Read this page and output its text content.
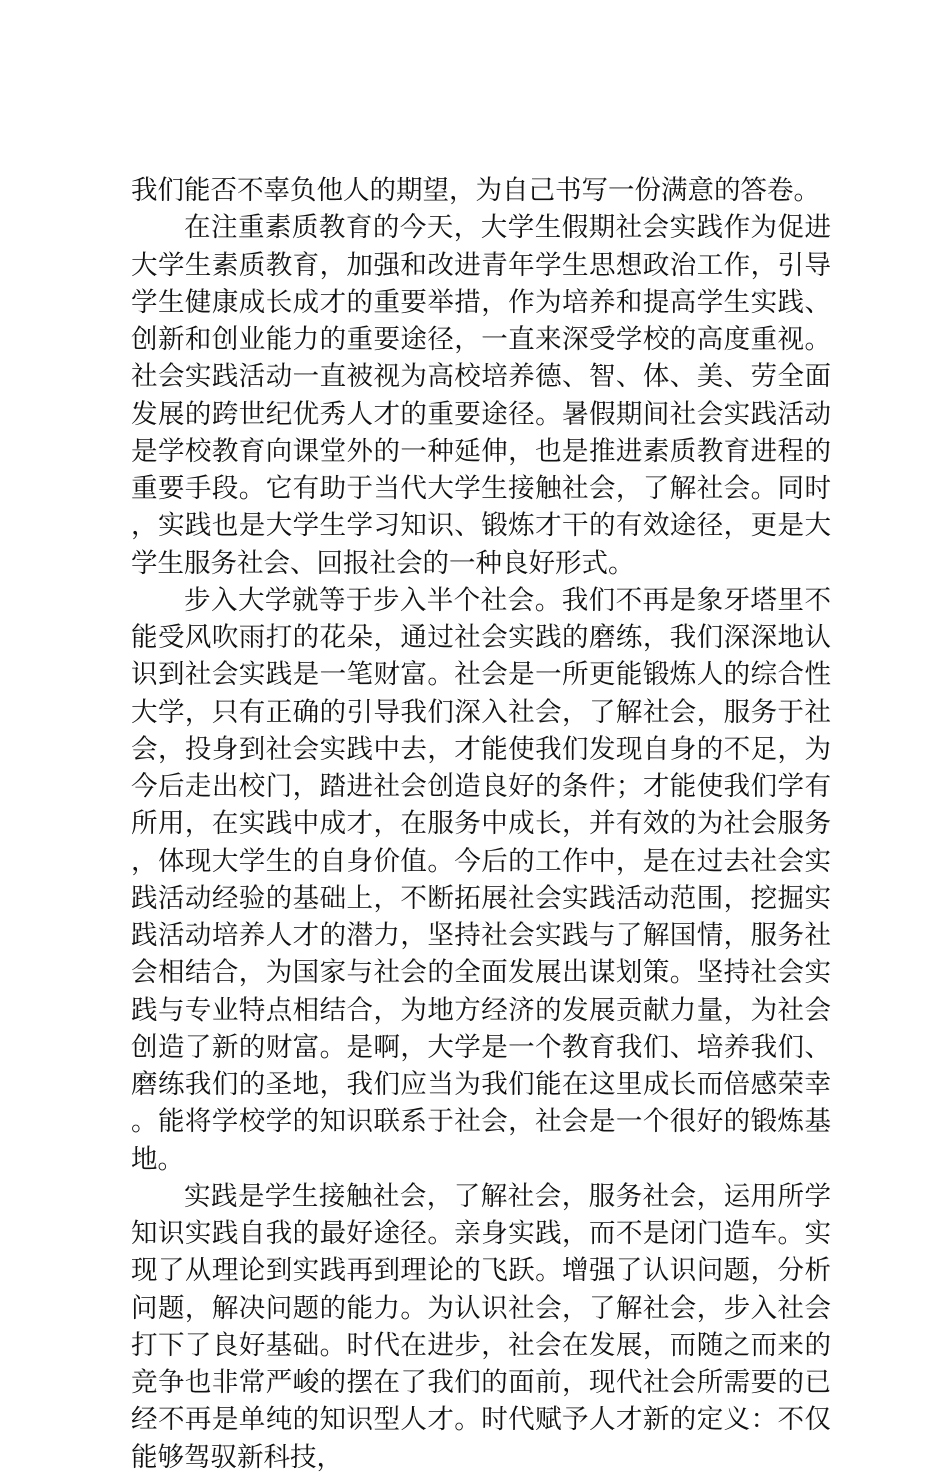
我们能否不辜负他人的期望，为自己书写一份满意的答卷。

在注重素质教育的今天，大学生假期社会实践作为促进大学生素质教育，加强和改进青年学生思想政治工作，引导学生健康成长成才的重要举措，作为培养和提高学生实践、创新和创业能力的重要途径，一直来深受学校的高度重视。社会实践活动一直被视为高校培养德、智、体、美、劳全面发展的跨世纪优秀人才的重要途径。暑假期间社会实践活动是学校教育向课堂外的一种延伸，也是推进素质教育进程的重要手段。它有助于当代大学生接触社会，了解社会。同时，实践也是大学生学习知识、锻炼才干的有效途径，更是大学生服务社会、回报社会的一种良好形式。

步入大学就等于步入半个社会。我们不再是象牙塔里不能受风吹雨打的花朵，通过社会实践的磨练，我们深深地认识到社会实践是一笔财富。社会是一所更能锻炼人的综合性大学，只有正确的引导我们深入社会，了解社会，服务于社会，投身到社会实践中去，才能使我们发现自身的不足，为今后走出校门，踏进社会创造良好的条件；才能使我们学有所用，在实践中成才，在服务中成长，并有效的为社会服务，体现大学生的自身价值。今后的工作中，是在过去社会实践活动经验的基础上，不断拓展社会实践活动范围，挖掘实践活动培养人才的潜力，坚持社会实践与了解国情，服务社会相结合，为国家与社会的全面发展出谋划策。坚持社会实践与专业特点相结合，为地方经济的发展贡献力量，为社会创造了新的财富。是啊，大学是一个教育我们、培养我们、磨练我们的圣地，我们应当为我们能在这里成长而倍感荣幸。能将学校学的知识联系于社会，社会是一个很好的锻炼基地。

实践是学生接触社会，了解社会，服务社会，运用所学知识实践自我的最好途径。亲身实践，而不是闭门造车。实现了从理论到实践再到理论的飞跃。增强了认识问题，分析问题，解决问题的能力。为认识社会，了解社会，步入社会打下了良好基础。时代在进步，社会在发展，而随之而来的竞争也非常严峻的摆在了我们的面前，现代社会所需要的已经不再是单纯的知识型人才。时代赋予人才新的定义：不仅能够驾驭新科技，
